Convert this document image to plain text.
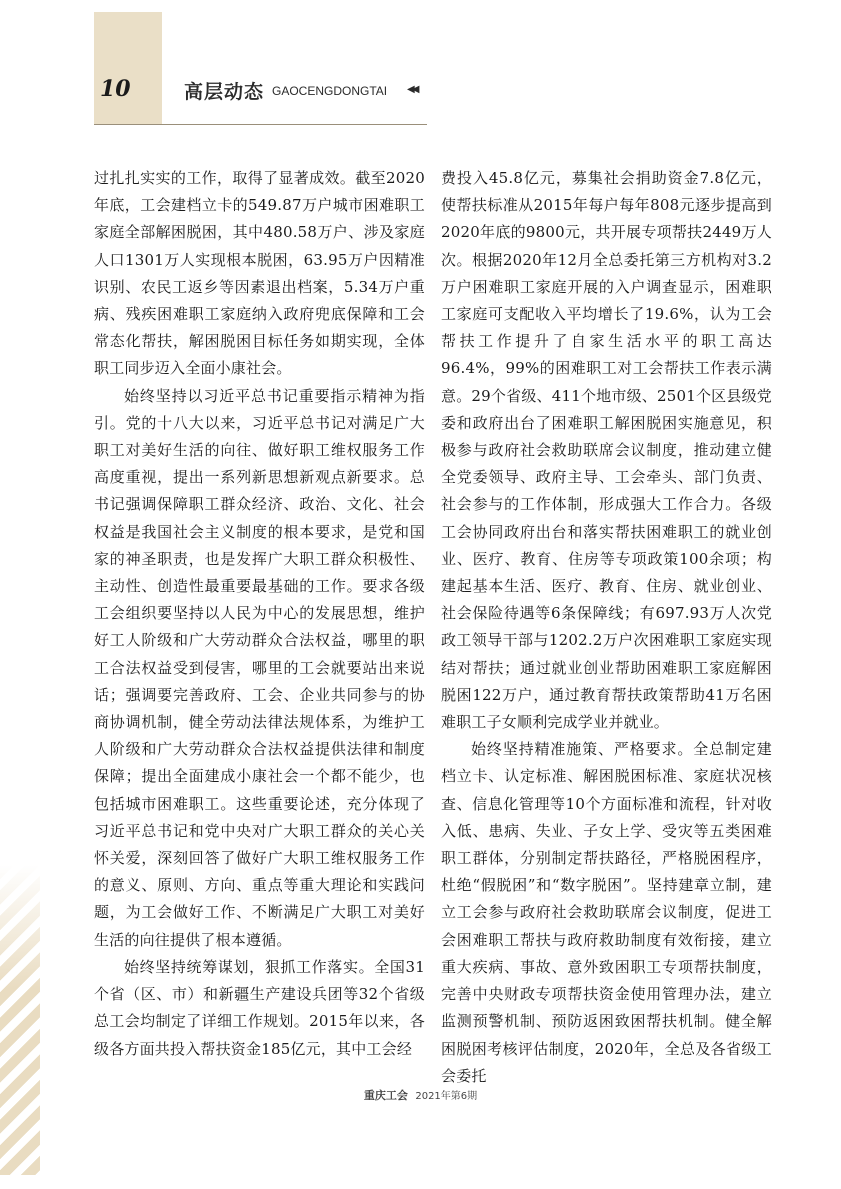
10	高层动态 GAOCENGDONGTAI ◀◀

过扎扎实实的工作，取得了显著成效。截至2020年底，工会建档立卡的549.87万户城市困难职工家庭全部解困脱困，其中480.58万户、涉及家庭人口1301万人实现根本脱困，63.95万户因精准识别、农民工返乡等因素退出档案，5.34万户重病、残疾困难职工家庭纳入政府兜底保障和工会常态化帮扶，解困脱困目标任务如期实现，全体职工同步迈入全面小康社会。

始终坚持以习近平总书记重要指示精神为指引。党的十八大以来，习近平总书记对满足广大职工对美好生活的向往、做好职工维权服务工作高度重视，提出一系列新思想新观点新要求。总书记强调保障职工群众经济、政治、文化、社会权益是我国社会主义制度的根本要求，是党和国家的神圣职责，也是发挥广大职工群众积极性、主动性、创造性最重要最基础的工作。要求各级工会组织要坚持以人民为中心的发展思想，维护好工人阶级和广大劳动群众合法权益，哪里的职工合法权益受到侵害，哪里的工会就要站出来说话；强调要完善政府、工会、企业共同参与的协商协调机制，健全劳动法律法规体系，为维护工人阶级和广大劳动群众合法权益提供法律和制度保障；提出全面建成小康社会一个都不能少，也包括城市困难职工。这些重要论述，充分体现了习近平总书记和党中央对广大职工群众的关心关怀关爱，深刻回答了做好广大职工维权服务工作的意义、原则、方向、重点等重大理论和实践问题，为工会做好工作、不断满足广大职工对美好生活的向往提供了根本遵循。

始终坚持统筹谋划，狠抓工作落实。全国31个省（区、市）和新疆生产建设兵团等32个省级总工会均制定了详细工作规划。2015年以来，各级各方面共投入帮扶资金185亿元，其中工会经

费投入45.8亿元，募集社会捐助资金7.8亿元，使帮扶标准从2015年每户每年808元逐步提高到2020年底的9800元，共开展专项帮扶2449万人次。根据2020年12月全总委托第三方机构对3.2万户困难职工家庭开展的入户调查显示，困难职工家庭可支配收入平均增长了19.6%，认为工会帮扶工作提升了自家生活水平的职工高达96.4%，99%的困难职工对工会帮扶工作表示满意。29个省级、411个地市级、2501个区县级党委和政府出台了困难职工解困脱困实施意见，积极参与政府社会救助联席会议制度，推动建立健全党委领导、政府主导、工会牵头、部门负责、社会参与的工作体制，形成强大工作合力。各级工会协同政府出台和落实帮扶困难职工的就业创业、医疗、教育、住房等专项政策100余项；构建起基本生活、医疗、教育、住房、就业创业、社会保险待遇等6条保障线；有697.93万人次党政工领导干部与1202.2万户次困难职工家庭实现结对帮扶；通过就业创业帮助困难职工家庭解困脱困122万户，通过教育帮扶政策帮助41万名困难职工子女顺利完成学业并就业。

始终坚持精准施策、严格要求。全总制定建档立卡、认定标准、解困脱困标准、家庭状况核查、信息化管理等10个方面标准和流程，针对收入低、患病、失业、子女上学、受灾等五类困难职工群体，分别制定帮扶路径，严格脱困程序，杜绝“假脱困”和“数字脱困”。坚持建章立制，建立工会参与政府社会救助联席会议制度，促进工会困难职工帮扶与政府救助制度有效衔接，建立重大疾病、事故、意外致困职工专项帮扶制度，完善中央财政专项帮扶资金使用管理办法，建立监测预警机制、预防返困致困帮扶机制。健全解困脱困考核评估制度，2020年，全总及各省级工会委托

重庆工会 2021年第6期
